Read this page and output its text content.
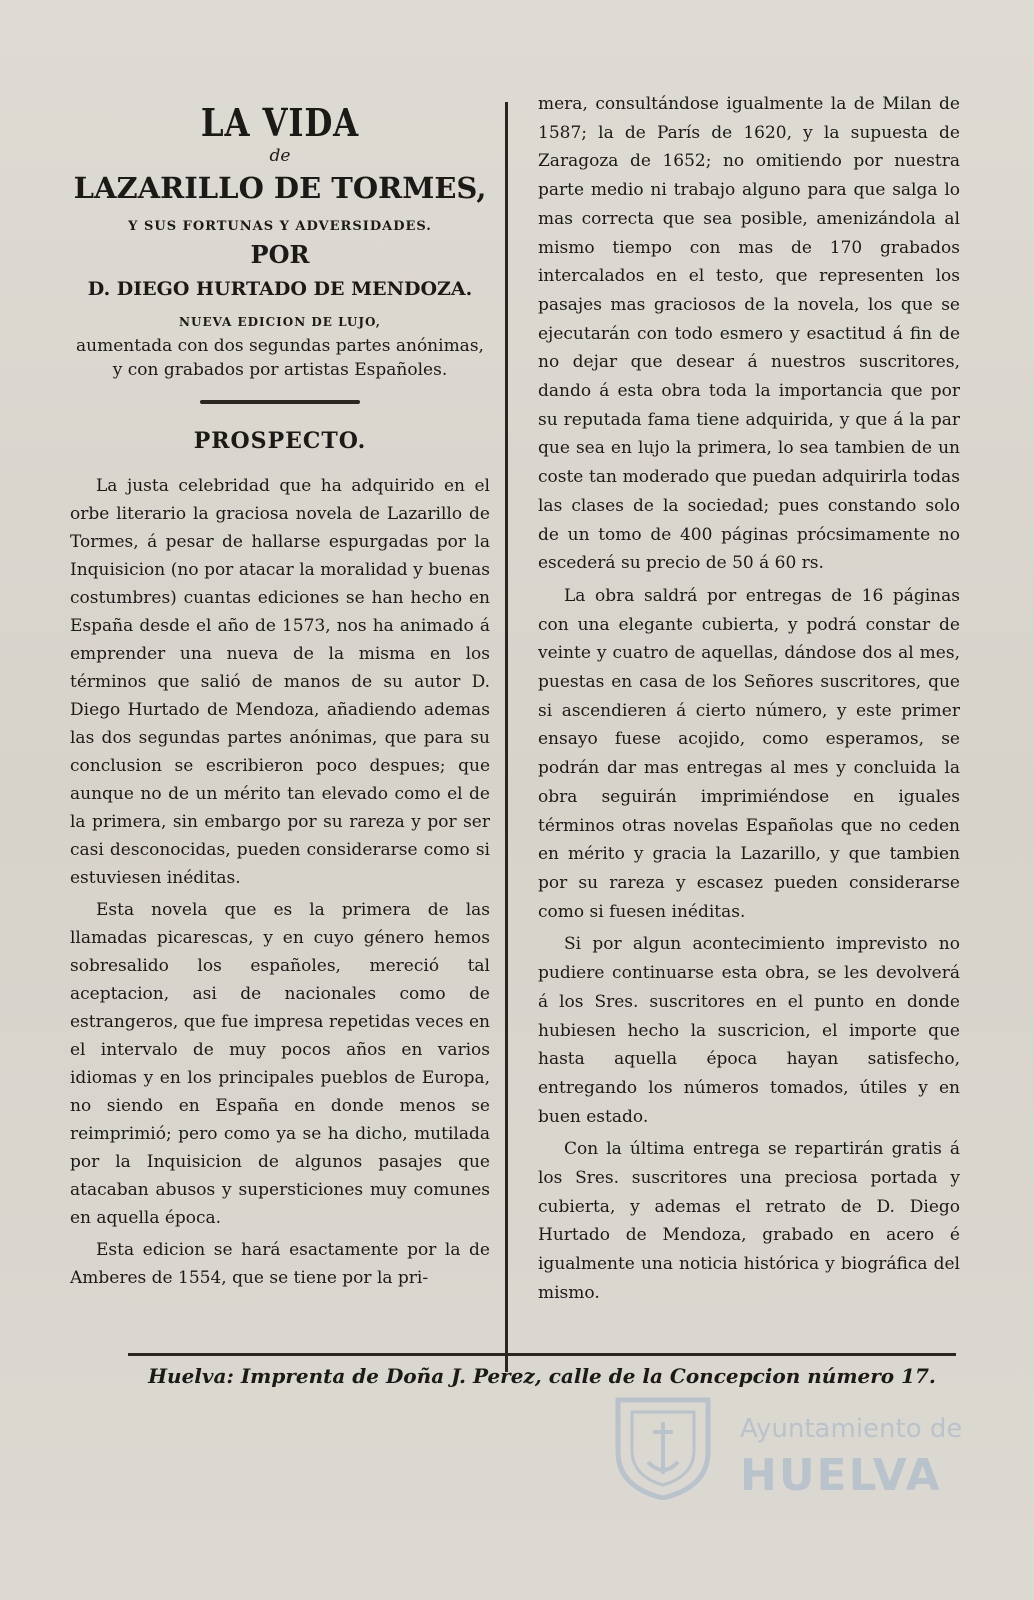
LA VIDA

de

LAZARILLO DE TORMES,

Y SUS FORTUNAS Y ADVERSIDADES.

POR

D. DIEGO HURTADO DE MENDOZA.

NUEVA EDICION DE LUJO,

aumentada con dos segundas partes anónimas, y con grabados por artistas Españoles.

PROSPECTO.

La justa celebridad que ha adquirido en el orbe literario la graciosa novela de Lazarillo de Tormes, á pesar de hallarse espurgadas por la Inquisicion (no por atacar la moralidad y buenas costumbres) cuantas ediciones se han hecho en España desde el año de 1573, nos ha animado á emprender una nueva de la misma en los términos que salió de manos de su autor D. Diego Hurtado de Mendoza, añadiendo ademas las dos segundas partes anónimas, que para su conclusion se escribieron poco despues; que aunque no de un mérito tan elevado como el de la primera, sin embargo por su rareza y por ser casi desconocidas, pueden considerarse como si estuviesen inéditas.

Esta novela que es la primera de las llamadas picarescas, y en cuyo género hemos sobresalido los españoles, mereció tal aceptacion, asi de nacionales como de estrangeros, que fue impresa repetidas veces en el intervalo de muy pocos años en varios idiomas y en los principales pueblos de Europa, no siendo en España en donde menos se reimprimió; pero como ya se ha dicho, mutilada por la Inquisicion de algunos pasajes que atacaban abusos y supersticiones muy comunes en aquella época.

Esta edicion se hará esactamente por la de Amberes de 1554, que se tiene por la pri-

mera, consultándose igualmente la de Milan de 1587; la de París de 1620, y la supuesta de Zaragoza de 1652; no omitiendo por nuestra parte medio ni trabajo alguno para que salga lo mas correcta que sea posible, amenizándola al mismo tiempo con mas de 170 grabados intercalados en el testo, que representen los pasajes mas graciosos de la novela, los que se ejecutarán con todo esmero y esactitud á fin de no dejar que desear á nuestros suscritores, dando á esta obra toda la importancia que por su reputada fama tiene adquirida, y que á la par que sea en lujo la primera, lo sea tambien de un coste tan moderado que puedan adquirirla todas las clases de la sociedad; pues constando solo de un tomo de 400 páginas prócsimamente no escederá su precio de 50 á 60 rs.

La obra saldrá por entregas de 16 páginas con una elegante cubierta, y podrá constar de veinte y cuatro de aquellas, dándose dos al mes, puestas en casa de los Señores suscritores, que si ascendieren á cierto número, y este primer ensayo fuese acojido, como esperamos, se podrán dar mas entregas al mes y concluida la obra seguirán imprimiéndose en iguales términos otras novelas Españolas que no ceden en mérito y gracia la Lazarillo, y que tambien por su rareza y escasez pueden considerarse como si fuesen inéditas.

Si por algun acontecimiento imprevisto no pudiere continuarse esta obra, se les devolverá á los Sres. suscritores en el punto en donde hubiesen hecho la suscricion, el importe que hasta aquella época hayan satisfecho, entregando los números tomados, útiles y en buen estado.

Con la última entrega se repartirán gratis á los Sres. suscritores una preciosa portada y cubierta, y ademas el retrato de D. Diego Hurtado de Mendoza, grabado en acero é igualmente una noticia histórica y biográfica del mismo.

Huelva: Imprenta de Doña J. Perez, calle de la Concepcion número 17.
Ayuntamiento de
HUELVA
